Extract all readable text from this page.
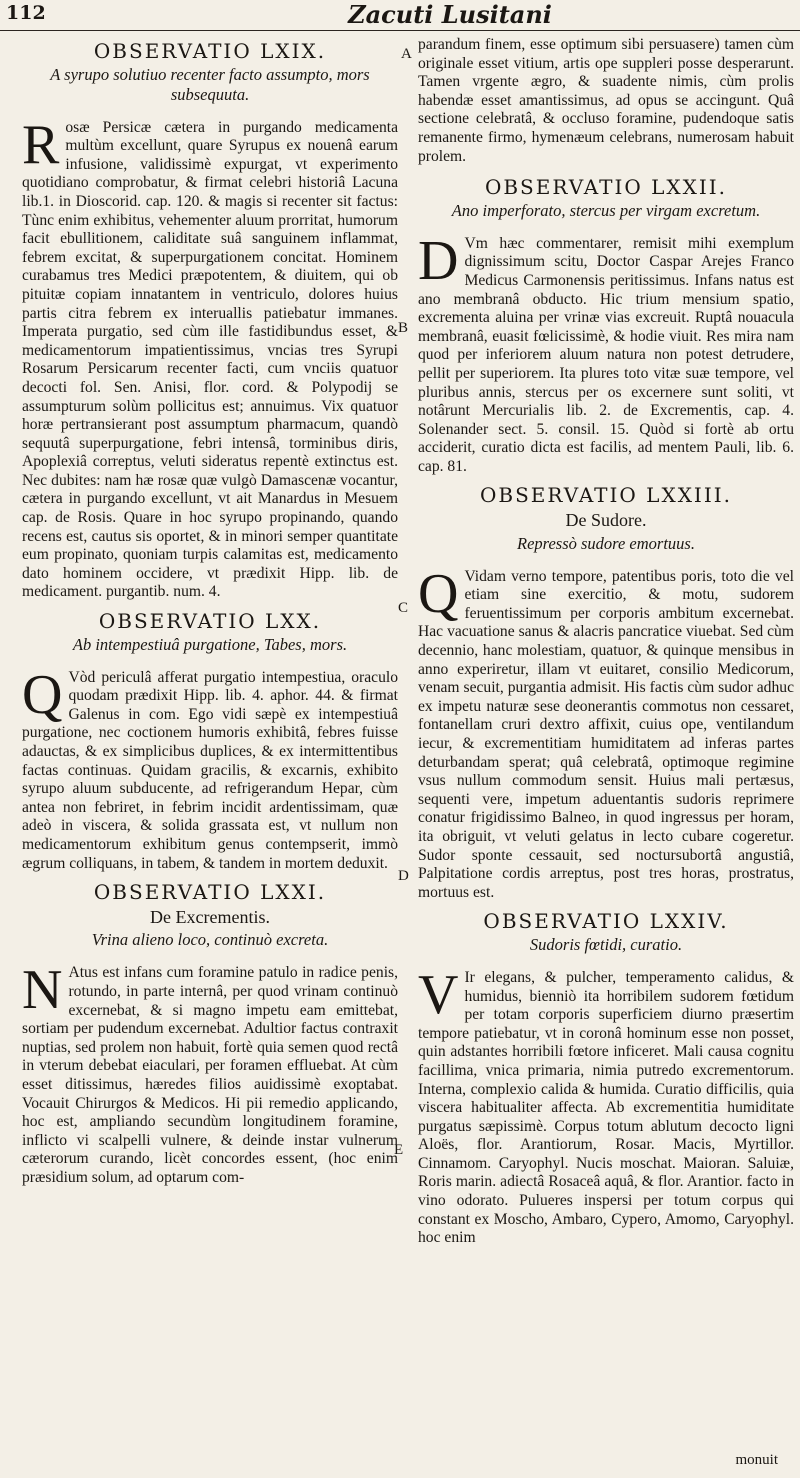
112	Zacuti Lusitani
OBSERVATIO LXIX.
A syrupo solutiuo recenter facto assumpto, mors subsequuta.

Rosæ Persicæ cætera in purgando medicamenta multùm excellunt, quare Syrupus ex nouenâ earum infusione, validissimè expurgat, vt experimento quotidiano comprobatur, & firmat celebri historiâ Lacuna lib.1. in Dioscorid. cap. 120. & magis si recenter sit factus: Tùnc enim exhibitus, vehementer aluum prorritat, humorum facit ebullitionem, caliditate suâ sanguinem inflammat, febrem excitat, & superpurgationem concitat. Hominem curabamus tres Medici præpotentem, & diuitem, qui ob pituitæ copiam innatantem in ventriculo, dolores huius partis citra febrem ex interuallis patiebatur immanes. Imperata purgatio, sed cùm ille fastidibundus esset, & medicamentorum impatientissimus, vncias tres Syrupi Rosarum Persicarum recenter facti, cum vnciis quatuor decocti fol. Sen. Anisi, flor. cord. & Polypodij se assumpturum solùm pollicitus est; annuimus. Vix quatuor horæ pertransierant post assumptum pharmacum, quandò sequutâ superpurgatione, febri intensâ, torminibus diris, Apoplexiâ correptus, veluti sideratus repentè extinctus est. Nec dubites: nam hæ rosæ quæ vulgò Damascenæ vocantur, cætera in purgando excellunt, vt ait Manardus in Mesuem cap. de Rosis. Quare in hoc syrupo propinando, quando recens est, cautus sis oportet, & in minori semper quantitate eum propinato, quoniam turpis calamitas est, medicamento dato hominem occidere, vt prædixit Hipp. lib. de medicament. purgantib. num. 4.

OBSERVATIO LXX.
Ab intempestiuâ purgatione, Tabes, mors.

Q Vòd periculâ afferat purgatio intempestiua, oraculo quodam prædixit Hipp. lib. 4. aphor. 44. & firmat Galenus in com. Ego vidi sæpè ex intempestiuâ purgatione, nec coctionem humoris exhibitâ, febres fuisse adauctas, & ex simplicibus duplices, & ex intermittentibus factas continuas. Quidam gracilis, & excarnis, exhibito syrupo aluum subducente, ad refrigerandum Hepar, cùm antea non febriret, in febrim incidit ardentissimam, quæ adeò in viscera, & solida grassata est, vt nullum non medicamentorum exhibitum genus contempserit, immò ægrum colliquans, in tabem, & tandem in mortem deduxit.

OBSERVATIO LXXI.
De Excrementis.
Vrina alieno loco, continuò excreta.

N Atus est infans cum foramine patulo in radice penis, rotundo, in parte internâ, per quod vrinam continuò excernebat, & si magno impetu eam emittebat, sortiam per pudendum excernebat. Adultior factus contraxit nuptias, sed prolem non habuit, fortè quia semen quod rectâ in vterum debebat eiaculari, per foramen effluebat. At cùm esset ditissimus, hæredes filios auidissimè exoptabat. Vocauit Chirurgos & Medicos. Hi pii remedio applicando, hoc est, ampliando secundùm longitudinem foramine, inflicto vi scalpelli vulnere, & deinde instar vulnerum cæterorum curando, licèt concordes essent, (hoc enim præsidium solum, ad optarum com-

parandum finem, esse optimum sibi persuasere) tamen cùm originale esset vitium, artis ope suppleri posse desperarunt. Tamen vrgente ægro, & suadente nimis, cùm prolis habendæ esset amantissimus, ad opus se accingunt. Quâ sectione celebratâ, & occluso foramine, pudendoque satis remanente firmo, hymenæum celebrans, numerosam habuit prolem.

OBSERVATIO LXXII.
Ano imperforato, stercus per virgam excretum.

D Vm hæc commentarer, remisit mihi exemplum dignissimum scitu, Doctor Caspar Arejes Franco Medicus Carmonensis peritissimus. Infans natus est ano membranâ obducto. Hic trium mensium spatio, excrementa aluina per vrinæ vias excreuit. Ruptâ nouacula membranâ, euasit fœlicissimè, & hodie viuit. Res mira nam quod per inferiorem aluum natura non potest detrudere, pellit per superiorem. Ita plures toto vitæ suæ tempore, vel pluribus annis, stercus per os excernere sunt soliti, vt notârunt Mercurialis lib. 2. de Excrementis, cap. 4. Solenander sect. 5. consil. 15. Quòd si fortè ab ortu acciderit, curatio dicta est facilis, ad mentem Pauli, lib. 6. cap. 81.

OBSERVATIO LXXIII.
De Sudore.
Repressò sudore emortuus.

Q Vidam verno tempore, patentibus poris, toto die vel etiam sine exercitio, & motu, sudorem feruentissimum per corporis ambitum excernebat. Hac vacuatione sanus & alacris pancratice viuebat. Sed cùm decennio, hanc molestiam, quatuor, & quinque mensibus in anno experiretur, illam vt euitaret, consilio Medicorum, venam secuit, purgantia admisit. His factis cùm sudor adhuc ex impetu naturæ sese deonerantis commotus non cessaret, fontanellam cruri dextro affixit, cuius ope, ventilandum iecur, & excrementitiam humiditatem ad inferas partes deturbandam sperat; quâ celebratâ, optimoque regimine vsus nullum commodum sensit. Huius mali pertæsus, sequenti vere, impetum aduentantis sudoris reprimere conatur frigidissimo Balneo, in quod ingressus per horam, ita obriguit, vt veluti gelatus in lecto cubare cogeretur. Sudor sponte cessauit, sed noctursubortâ angustiâ, Palpitatione cordis arreptus, post tres horas, prostratus, mortuus est.

OBSERVATIO LXXIV.
Sudoris fœtidi, curatio.

V Ir elegans, & pulcher, temperamento calidus, & humidus, bienniò ita horribilem sudorem fœtidum per totam corporis superficiem diurno præsertim tempore patiebatur, vt in coronâ hominum esse non posset, quin adstantes horribili fœtore inficeret. Mali causa cognitu facillima, vnica primaria, nimia putredo excrementorum. Interna, complexio calida & humida. Curatio difficilis, quia viscera habitualiter affecta. Ab excrementitia humiditate purgatus sæpissimè. Corpus totum ablutum decocto ligni Aloës, flor. Arantiorum, Rosar. Macis, Myrtillor. Cinnamom. Caryophyl. Nucis moschat. Maioran. Saluiæ, Roris marin. adiectâ Rosaceâ aquâ, & flor. Arantior. facto in vino odorato. Pulueres inspersi per totum corpus qui constant ex Moscho, Ambaro, Cypero, Amomo, Caryophyl. hoc enim

A
B
C
D
E
monuit
